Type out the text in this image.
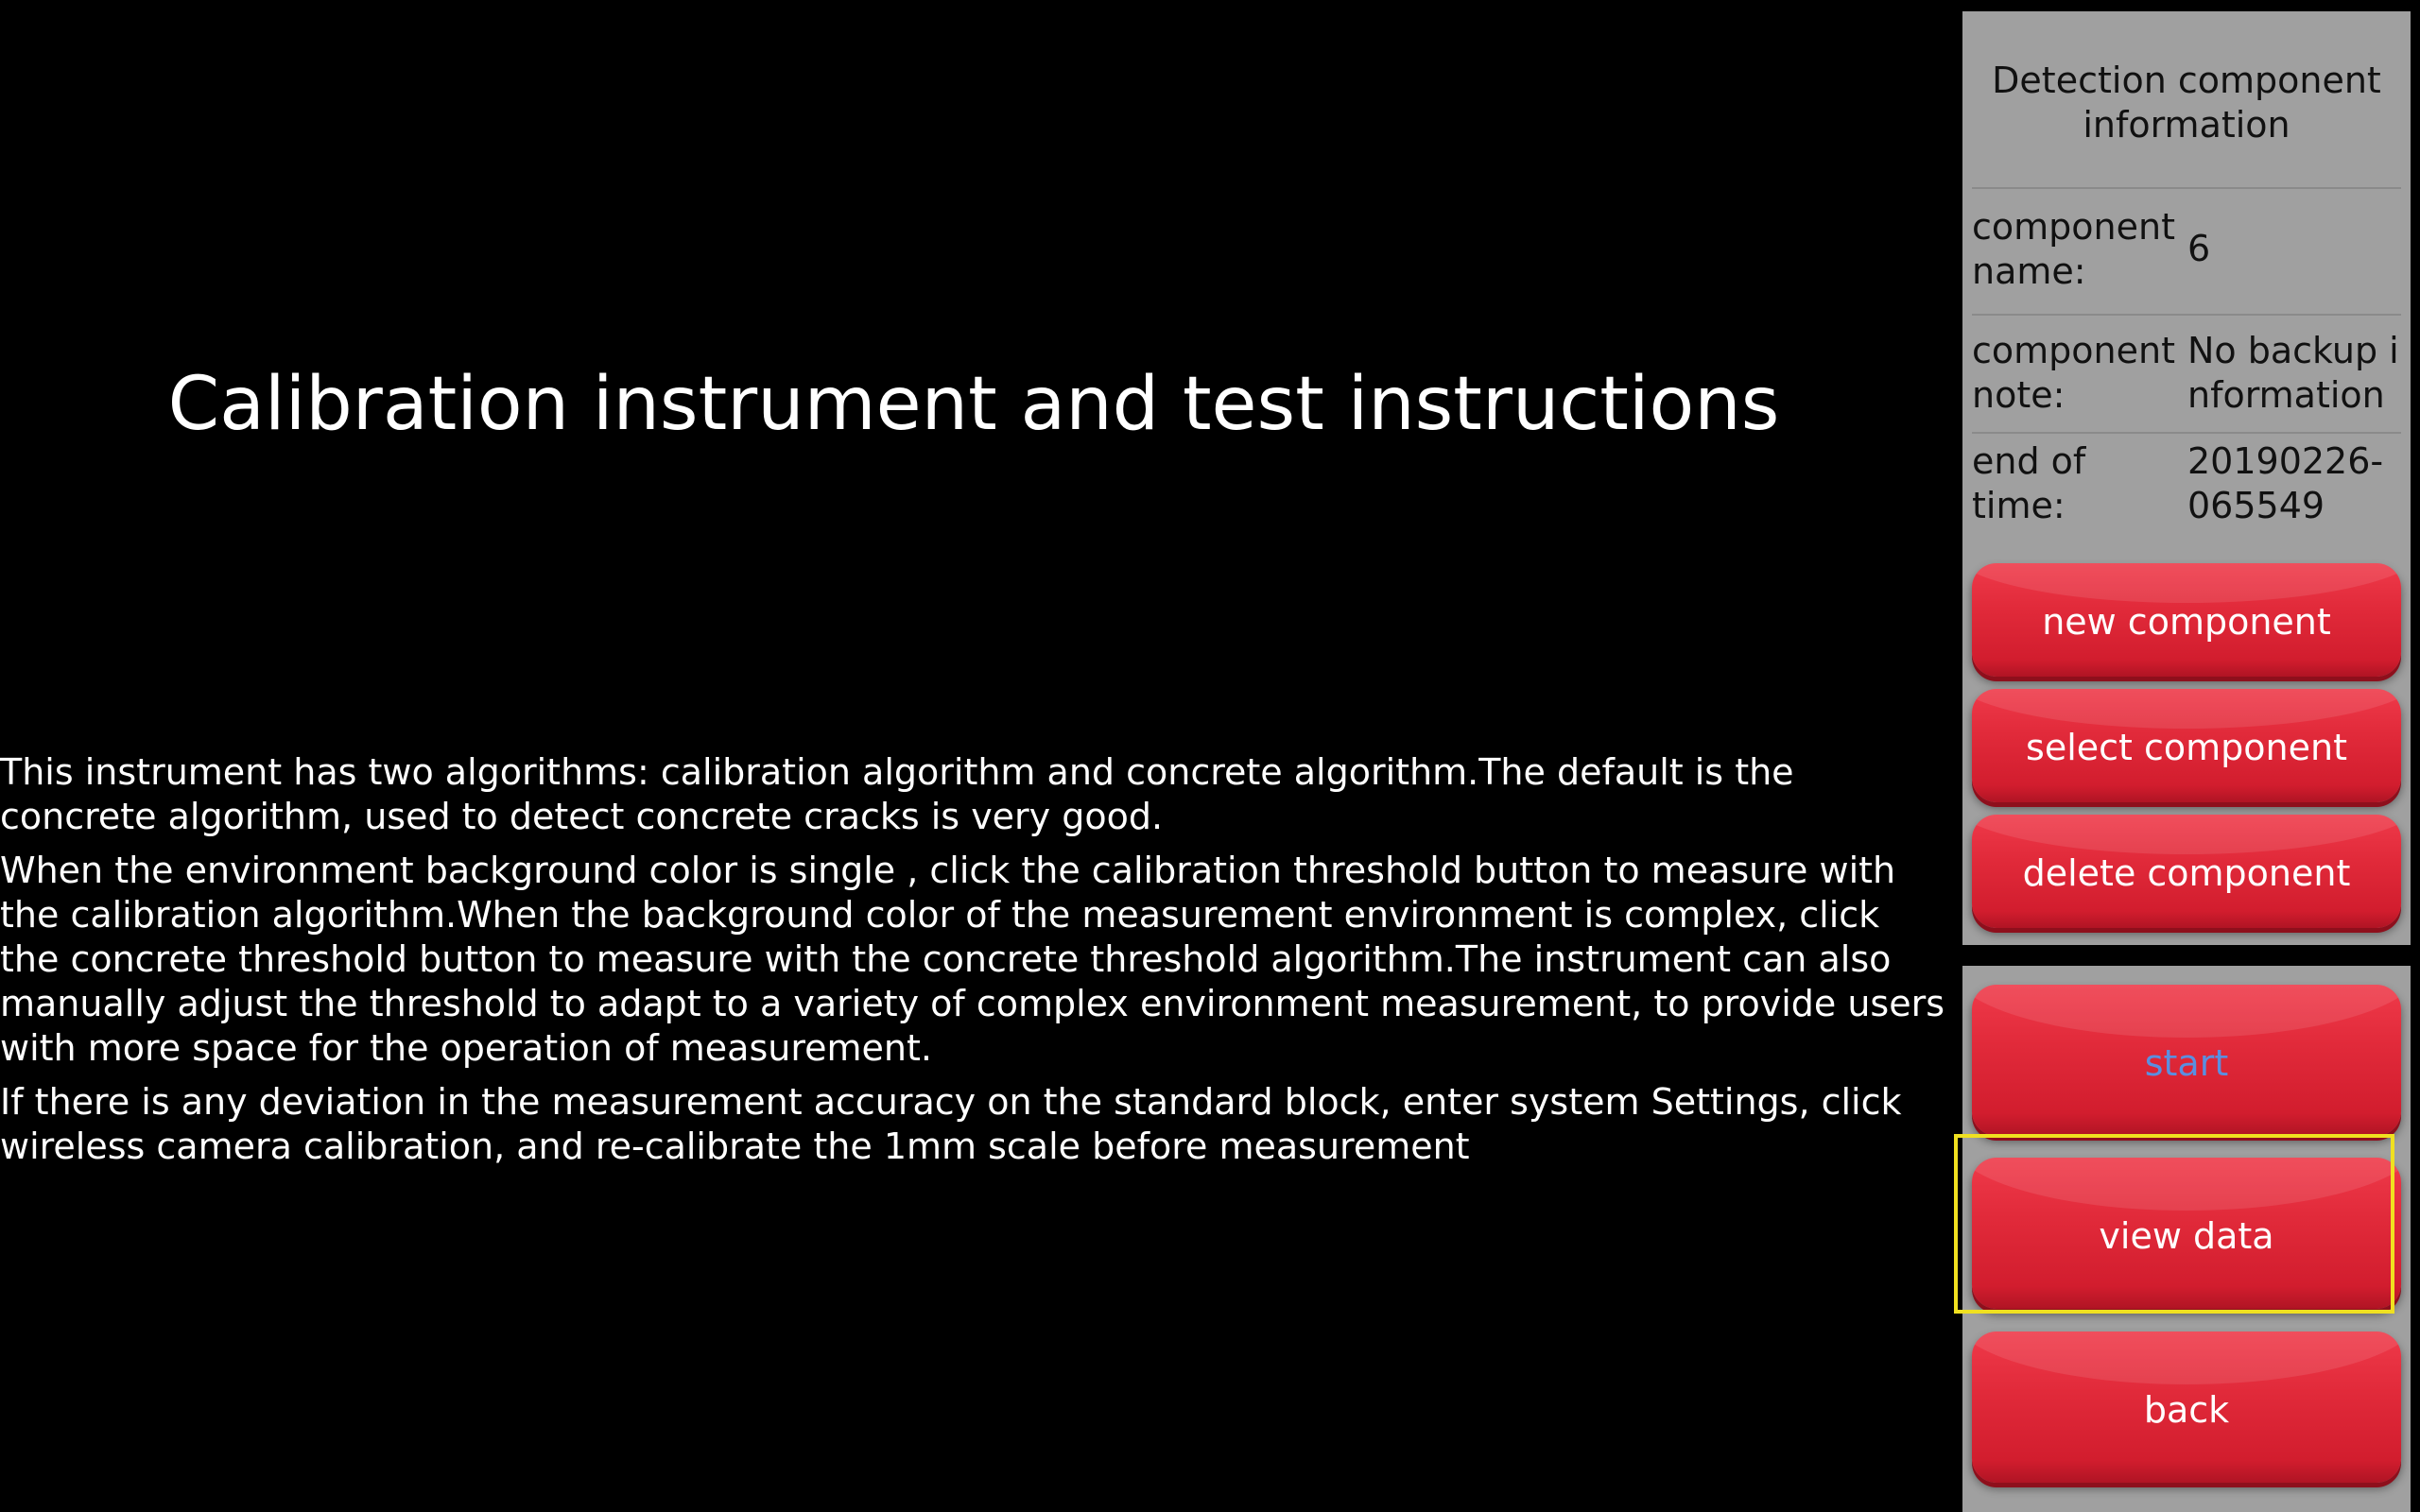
Calibration instrument and test instructions

This instrument has two algorithms: calibration algorithm and concrete algorithm.The default is the concrete algorithm, used to detect concrete cracks is very good.

When the environment background color is single , click the calibration threshold button to measure with the calibration algorithm.When the background color of the measurement environment is complex, click the concrete threshold button to measure with the concrete threshold algorithm.The instrument can also manually adjust the threshold to adapt to a variety of complex environment measurement, to provide users with more space for the operation of measurement.

If there is any deviation in the measurement accuracy on the standard block, enter system Settings, click wireless camera calibration, and re-calibrate the 1mm scale before measurement

Detection component information
component name:
6
component note:
No backup information
end of time:
20190226-065549
new component
select component
delete component
start
view data
back
